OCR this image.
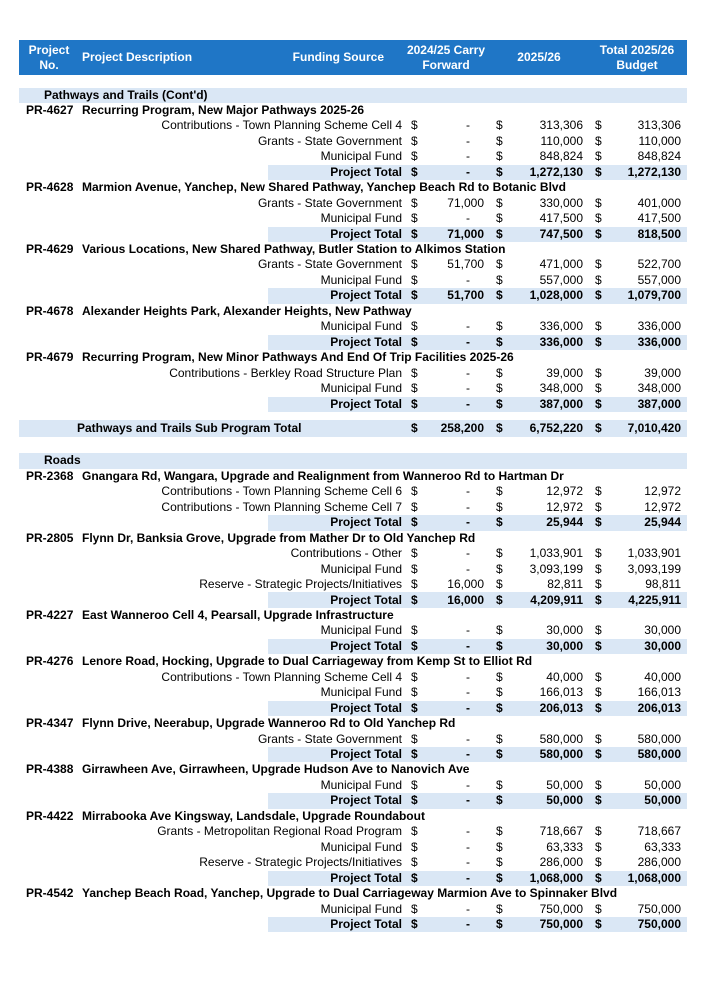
Project No.
Project Description	Funding Source	2024/25 Carry Forward
2025/26	Total 2025/26 Budget
Pathways and Trails (Cont'd)
PR-4627 Recurring Program, New Major Pathways 2025-26
Contributions - Town Planning Scheme Cell 4 $	- $	313,306 $	313,306
Grants - State Government $	- $	110,000 $	110,000
Municipal Fund $	- $	848,824 $	848,824
Project Total $	- $ 1,272,130 $ 1,272,130
PR-4628 Marmion Avenue, Yanchep, New Shared Pathway, Yanchep Beach Rd to Botanic Blvd
Grants - State Government $ 71,000 $	330,000 $	401,000
Municipal Fund $	- $	417,500 $	417,500
Project Total $ 71,000 $	747,500 $	818,500
PR-4629 Various Locations, New Shared Pathway, Butler Station to Alkimos Station
Grants - State Government $ 51,700 $	471,000 $	522,700
Municipal Fund $	- $	557,000 $	557,000
Project Total $ 51,700 $ 1,028,000 $ 1,079,700
PR-4678 Alexander Heights Park, Alexander Heights, New Pathway
Municipal Fund $	- $	336,000 $	336,000
Project Total $	- $	336,000 $	336,000
PR-4679 Recurring Program, New Minor Pathways And End Of Trip Facilities 2025-26
Contributions - Berkley Road Structure Plan $	- $	39,000 $	39,000
Municipal Fund $	- $	348,000 $	348,000
Project Total $	- $	387,000 $	387,000
Pathways and Trails Sub Program Total	$ 258,200 $ 6,752,220 $ 7,010,420
Roads
PR-2368 Gnangara Rd, Wangara, Upgrade and Realignment from Wanneroo Rd to Hartman Dr
Contributions - Town Planning Scheme Cell 6 $	- $	12,972 $	12,972
Contributions - Town Planning Scheme Cell 7 $	- $	12,972 $	12,972
Project Total $	- $	25,944 $	25,944
PR-2805 Flynn Dr, Banksia Grove, Upgrade from Mather Dr to Old Yanchep Rd
Contributions - Other $	- $ 1,033,901 $ 1,033,901
Municipal Fund $	- $ 3,093,199 $ 3,093,199
Reserve - Strategic Projects/Initiatives $ 16,000 $	82,811 $	98,811
Project Total $ 16,000 $ 4,209,911 $ 4,225,911
PR-4227 East Wanneroo Cell 4, Pearsall, Upgrade Infrastructure
Municipal Fund $	- $	30,000 $	30,000
Project Total $	- $	30,000 $	30,000
PR-4276 Lenore Road, Hocking, Upgrade to Dual Carriageway from Kemp St to Elliot Rd
Contributions - Town Planning Scheme Cell 4 $	- $	40,000 $	40,000
Municipal Fund $	- $	166,013 $	166,013
Project Total $	- $	206,013 $	206,013
PR-4347 Flynn Drive, Neerabup, Upgrade Wanneroo Rd to Old Yanchep Rd
Grants - State Government $	- $	580,000 $	580,000
Project Total $	- $	580,000 $	580,000
PR-4388 Girrawheen Ave, Girrawheen, Upgrade Hudson Ave to Nanovich Ave
Municipal Fund $	- $	50,000 $	50,000
Project Total $	- $	50,000 $	50,000
PR-4422 Mirrabooka Ave Kingsway, Landsdale, Upgrade Roundabout
Grants - Metropolitan Regional Road Program $	- $	718,667 $	718,667
Municipal Fund $	- $	63,333 $	63,333
Reserve - Strategic Projects/Initiatives $	- $	286,000 $	286,000
Project Total $	- $ 1,068,000 $ 1,068,000
PR-4542 Yanchep Beach Road, Yanchep, Upgrade to Dual Carriageway Marmion Ave to Spinnaker Blvd
Municipal Fund $	- $	750,000 $	750,000
Project Total $	- $	750,000 $	750,000
